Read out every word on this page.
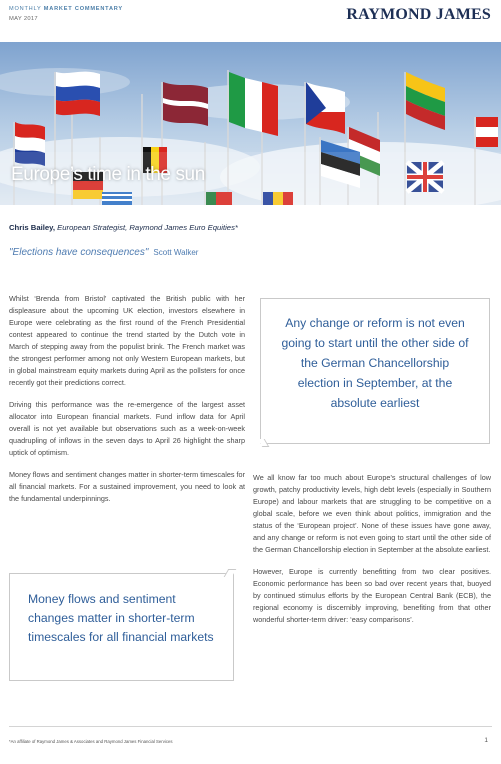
MONTHLY MARKET COMMENTARY
MAY 2017	RAYMOND JAMES
Europe’s time in the sun
Chris Bailey, European Strategist, Raymond James Euro Equities*
"Elections have consequences" Scott Walker

Whilst ‘Brenda from Bristol’ captivated the British public with her displeasure about the upcoming UK election, investors elsewhere in Europe were celebrating as the first round of the French Presidential contest appeared to continue the trend started by the Dutch vote in March of stepping away from the populist brink. The French market was the strongest performer among not only Western European markets, but in global mainstream equity markets during April as the pollsters for once recently got their predictions correct.

Driving this performance was the re-emergence of the largest asset allocator into European financial markets. Fund inflow data for April overall is not yet available but observations such as a week-on-week quadrupling of inflows in the seven days to April 26 highlight the sharp uptick of optimism.

Money flows and sentiment changes matter in shorter-term timescales for all financial markets. For a sustained improvement, you need to look at the fundamental underpinnings.

Any change or reform is not even going to start until the other side of the German Chancellorship election in September, at the absolute earliest

We all know far too much about Europe’s structural challenges of low growth, patchy productivity levels, high debt levels (especially in Southern Europe) and labour markets that are struggling to be competitive on a global scale, before we even think about politics, immigration and the status of the ‘European project’. None of these issues have gone away, and any change or reform is not even going to start until the other side of the German Chancellorship election in September at the absolute earliest.

However, Europe is currently benefitting from two clear positives. Economic performance has been so bad over recent years that, buoyed by continued stimulus efforts by the European Central Bank (ECB), the regional economy is discernibly improving, benefiting from that other wonderful shorter-term driver: ‘easy comparisons’.

Money flows and sentiment changes matter in shorter-term timescales for all financial markets
*An affiliate of Raymond James & Associates and Raymond James Financial Services	1
